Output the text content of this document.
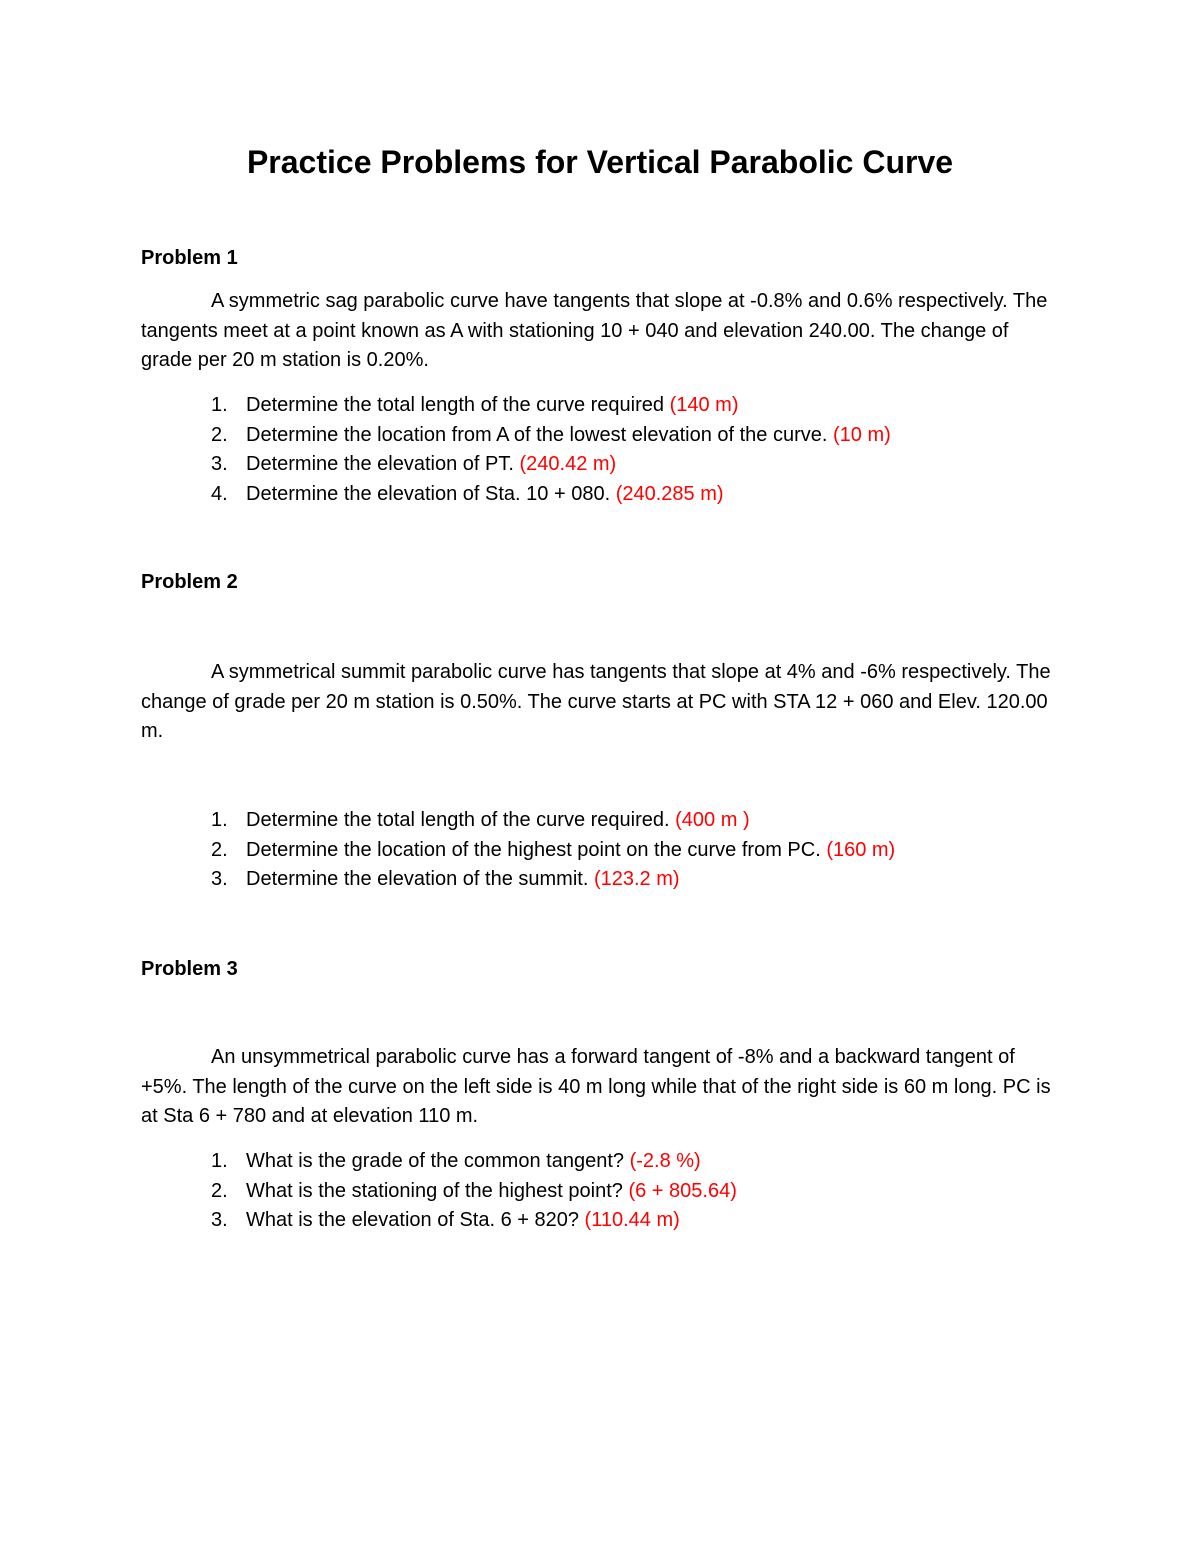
Practice Problems for Vertical Parabolic Curve
Problem 1

A symmetric sag parabolic curve have tangents that slope at -0.8% and 0.6% respectively. The tangents meet at a point known as A with stationing 10 + 040 and elevation 240.00. The change of grade per 20 m station is 0.20%.

1. Determine the total length of the curve required (140 m)
2. Determine the location from A of the lowest elevation of the curve. (10 m)
3. Determine the elevation of PT. (240.42 m)
4. Determine the elevation of Sta. 10 + 080. (240.285 m)
Problem 2

A symmetrical summit parabolic curve has tangents that slope at 4% and -6% respectively. The change of grade per 20 m station is 0.50%. The curve starts at PC with STA 12 + 060 and Elev. 120.00 m.

1. Determine the total length of the curve required. (400 m )
2. Determine the location of the highest point on the curve from PC. (160 m)
3. Determine the elevation of the summit. (123.2 m)
Problem 3

An unsymmetrical parabolic curve has a forward tangent of -8% and a backward tangent of +5%. The length of the curve on the left side is 40 m long while that of the right side is 60 m long. PC is at Sta 6 + 780 and at elevation 110 m.

1. What is the grade of the common tangent? (-2.8 %)
2. What is the stationing of the highest point? (6 + 805.64)
3. What is the elevation of Sta. 6 + 820? (110.44 m)
